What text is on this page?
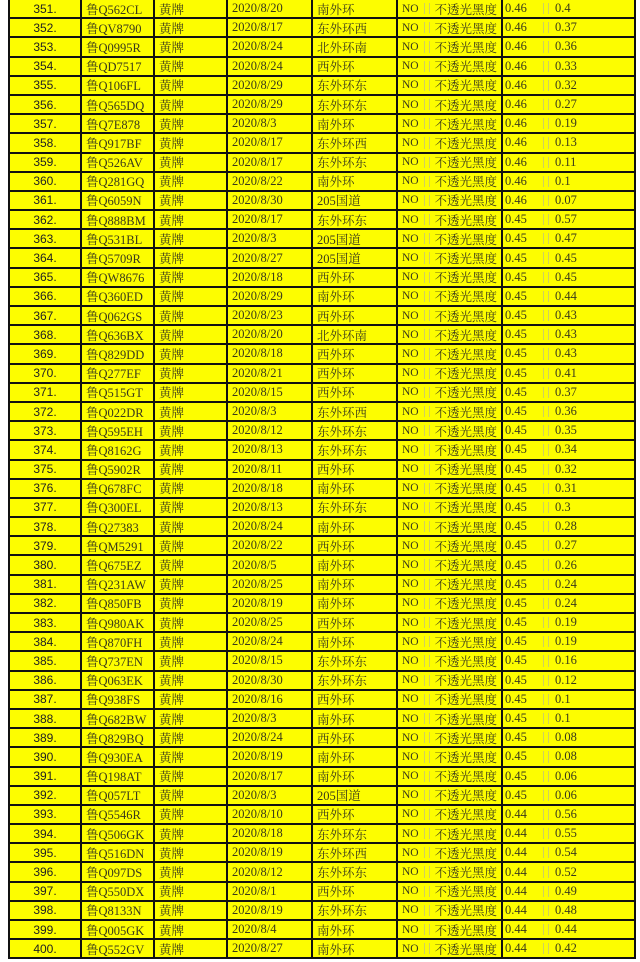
351.	鲁Q562CL	黄牌	2020/8/20	南外环	NO 不透光黑度 0.46 0.4
352.	鲁QV8790	黄牌	2020/8/17	东外环西	NO 不透光黑度 0.46 0.37
353.	鲁Q0995R	黄牌	2020/8/24	北外环南	NO 不透光黑度 0.46 0.36
354.	鲁QD7517	黄牌	2020/8/24	西外环	NO 不透光黑度 0.46 0.33
355.	鲁Q106FL	黄牌	2020/8/29	东外环东	NO 不透光黑度 0.46 0.32
356.	鲁Q565DQ	黄牌	2020/8/29	东外环东	NO 不透光黑度 0.46 0.27
357.	鲁Q7E878	黄牌	2020/8/3	南外环	NO 不透光黑度 0.46 0.19
358.	鲁Q917BF	黄牌	2020/8/17	东外环西	NO 不透光黑度 0.46 0.13
359.	鲁Q526AV	黄牌	2020/8/17	东外环东	NO 不透光黑度 0.46 0.11
360.	鲁Q281GQ	黄牌	2020/8/22	南外环	NO 不透光黑度 0.46 0.1
361.	鲁Q6059N	黄牌	2020/8/30	205国道	NO 不透光黑度 0.46 0.07
362.	鲁Q888BM	黄牌	2020/8/17	东外环东	NO 不透光黑度 0.45 0.57
363.	鲁Q531BL	黄牌	2020/8/3	205国道	NO 不透光黑度 0.45 0.47
364.	鲁Q5709R	黄牌	2020/8/27	205国道	NO 不透光黑度 0.45 0.45
365.	鲁QW8676	黄牌	2020/8/18	西外环	NO 不透光黑度 0.45 0.45
366.	鲁Q360ED	黄牌	2020/8/29	南外环	NO 不透光黑度 0.45 0.44
367.	鲁Q062GS	黄牌	2020/8/23	西外环	NO 不透光黑度 0.45 0.43
368.	鲁Q636BX	黄牌	2020/8/20	北外环南	NO 不透光黑度 0.45 0.43
369.	鲁Q829DD	黄牌	2020/8/18	西外环	NO 不透光黑度 0.45 0.43
370.	鲁Q277EF	黄牌	2020/8/21	西外环	NO 不透光黑度 0.45 0.41
371.	鲁Q515GT	黄牌	2020/8/15	西外环	NO 不透光黑度 0.45 0.37
372.	鲁Q022DR	黄牌	2020/8/3	东外环西	NO 不透光黑度 0.45 0.36
373.	鲁Q595EH	黄牌	2020/8/12	东外环东	NO 不透光黑度 0.45 0.35
374.	鲁Q8162G	黄牌	2020/8/13	东外环东	NO 不透光黑度 0.45 0.34
375.	鲁Q5902R	黄牌	2020/8/11	西外环	NO 不透光黑度 0.45 0.32
376.	鲁Q678FC	黄牌	2020/8/18	南外环	NO 不透光黑度 0.45 0.31
377.	鲁Q300EL	黄牌	2020/8/13	东外环东	NO 不透光黑度 0.45 0.3
378.	鲁Q27383	黄牌	2020/8/24	南外环	NO 不透光黑度 0.45 0.28
379.	鲁QM5291	黄牌	2020/8/22	西外环	NO 不透光黑度 0.45 0.27
380.	鲁Q675EZ	黄牌	2020/8/5	南外环	NO 不透光黑度 0.45 0.26
381.	鲁Q231AW	黄牌	2020/8/25	南外环	NO 不透光黑度 0.45 0.24
382.	鲁Q850FB	黄牌	2020/8/19	南外环	NO 不透光黑度 0.45 0.24
383.	鲁Q980AK	黄牌	2020/8/25	西外环	NO 不透光黑度 0.45 0.19
384.	鲁Q870FH	黄牌	2020/8/24	南外环	NO 不透光黑度 0.45 0.19
385.	鲁Q737EN	黄牌	2020/8/15	东外环东	NO 不透光黑度 0.45 0.16
386.	鲁Q063EK	黄牌	2020/8/30	东外环东	NO 不透光黑度 0.45 0.12
387.	鲁Q938FS	黄牌	2020/8/16	西外环	NO 不透光黑度 0.45 0.1
388.	鲁Q682BW	黄牌	2020/8/3	南外环	NO 不透光黑度 0.45 0.1
389.	鲁Q829BQ	黄牌	2020/8/24	西外环	NO 不透光黑度 0.45 0.08
390.	鲁Q930EA	黄牌	2020/8/19	南外环	NO 不透光黑度 0.45 0.08
391.	鲁Q198AT	黄牌	2020/8/17	南外环	NO 不透光黑度 0.45 0.06
392.	鲁Q057LT	黄牌	2020/8/3	205国道	NO 不透光黑度 0.45 0.06
393.	鲁Q5546R	黄牌	2020/8/10	西外环	NO 不透光黑度 0.44 0.56
394.	鲁Q506GK	黄牌	2020/8/18	东外环东	NO 不透光黑度 0.44 0.55
395.	鲁Q516DN	黄牌	2020/8/19	东外环西	NO 不透光黑度 0.44 0.54
396.	鲁Q097DS	黄牌	2020/8/12	东外环东	NO 不透光黑度 0.44 0.52
397.	鲁Q550DX	黄牌	2020/8/1	西外环	NO 不透光黑度 0.44 0.49
398.	鲁Q8133N	黄牌	2020/8/19	东外环东	NO 不透光黑度 0.44 0.48
399.	鲁Q005GK	黄牌	2020/8/4	南外环	NO 不透光黑度 0.44 0.44
400.	鲁Q552GV	黄牌	2020/8/27	南外环	NO 不透光黑度 0.44 0.42
